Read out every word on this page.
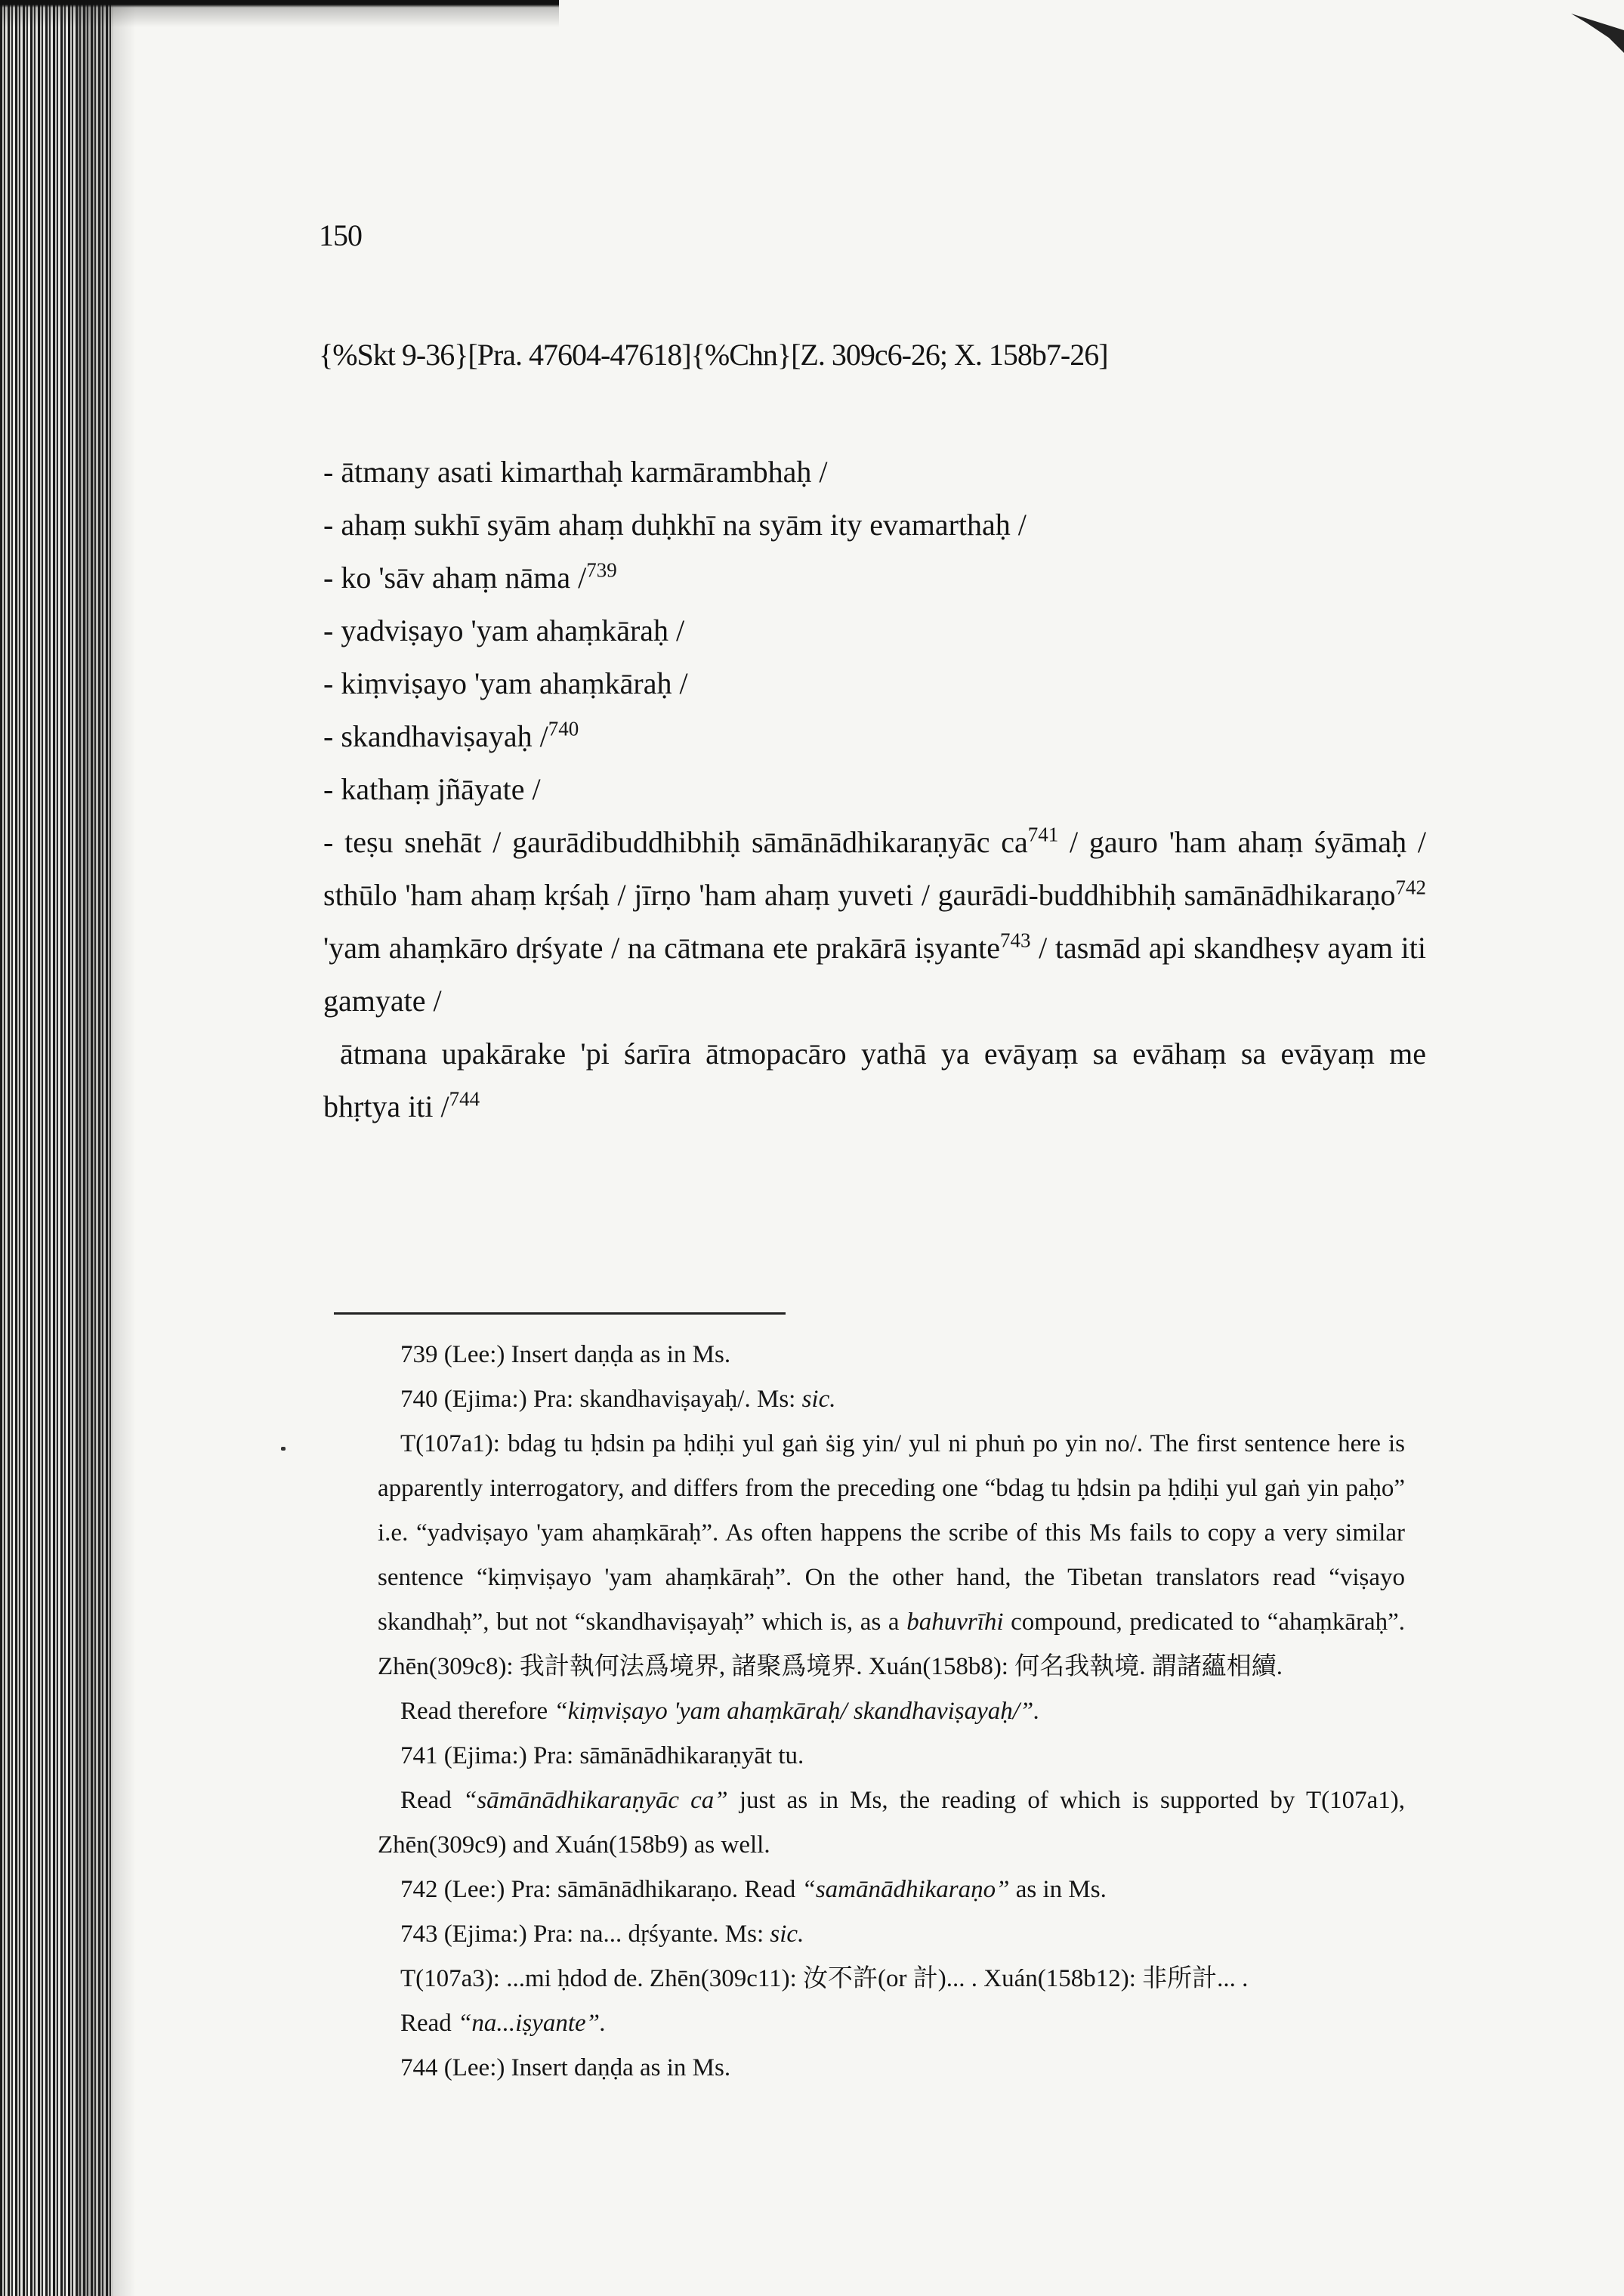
150
{%Skt 9-36}[Pra. 47604-47618]{%Chn}[Z. 309c6-26; X. 158b7-26]

- ātmany asati kimarthaḥ karmārambhaḥ /

- ahaṃ sukhī syām ahaṃ duḥkhī na syām ity evamarthaḥ /

- ko 'sāv ahaṃ nāma /$^{739}$

- yadviṣayo 'yam ahaṃkāraḥ /

- kiṃviṣayo 'yam ahaṃkāraḥ /

- skandhaviṣayaḥ /$^{740}$

- kathaṃ jñāyate /

- teṣu snehāt / gaurādibuddhibhiḥ sāmānādhikaraṇyāc $ca^{741}$ / gauro 'ham ahaṃ śyāmaḥ / sthūlo 'ham ahaṃ kṛśaḥ / jīrṇo 'ham ahaṃ yuveti / gaurādi-buddhibhiḥ samānādhikaraṇo$^{742}$ 'yam ahaṃkāro dṛśyate / na cātmana ete prakārā iṣyante$^{743}$ / tasmād api skandheṣv ayam iti gamyate /

ātmana upakārake 'pi śarīra ātmopacāro yathā ya evāyaṃ sa evāhaṃ sa evāyaṃ me bhṛtya iti /$^{744}$

739 (Lee:) Insert daṇḍa as in Ms.

740 (Ejima:) Pra: skandhaviṣayaḥ/. Ms: sic.

T(107a1): bdag tu ḥdsin pa ḥdiḥi yul gaṅ ṡig yin/ yul ni phuṅ po yin no/. The first sentence here is apparently interrogatory, and differs from the preceding one “bdag tu ḥdsin pa ḥdiḥi yul gaṅ yin paḥo” i.e. “yadviṣayo 'yam ahaṃkāraḥ”. As often happens the scribe of this Ms fails to copy a very similar sentence “kiṃviṣayo 'yam ahaṃkāraḥ”. On the other hand, the Tibetan translators read “viṣayo skandhaḥ”, but not “skandhaviṣayaḥ” which is, as a bahuvrīhi compound, predicated to “ahaṃkāraḥ”. Zhēn(309c8): 我計執何法爲境界, 諸聚爲境界. Xuán(158b8): 何名我執境. 謂諸蘊相續.

Read therefore “kiṃviṣayo 'yam ahaṃkāraḥ/ skandhaviṣayaḥ/”.

741 (Ejima:) Pra: sāmānādhikaraṇyāt tu.

Read “sāmānādhikaraṇyāc ca” just as in Ms, the reading of which is supported by T(107a1), Zhēn(309c9) and Xuán(158b9) as well.

742 (Lee:) Pra: sāmānādhikaraṇo. Read “samānādhikaraṇo” as in Ms.

743 (Ejima:) Pra: na... dṛśyante. Ms: sic.

T(107a3): ...mi ḥdod de. Zhēn(309c11): 汝不許(or 計)... . Xuán(158b12): 非所計... .

Read “na...iṣyante”.

744 (Lee:) Insert daṇḍa as in Ms.
